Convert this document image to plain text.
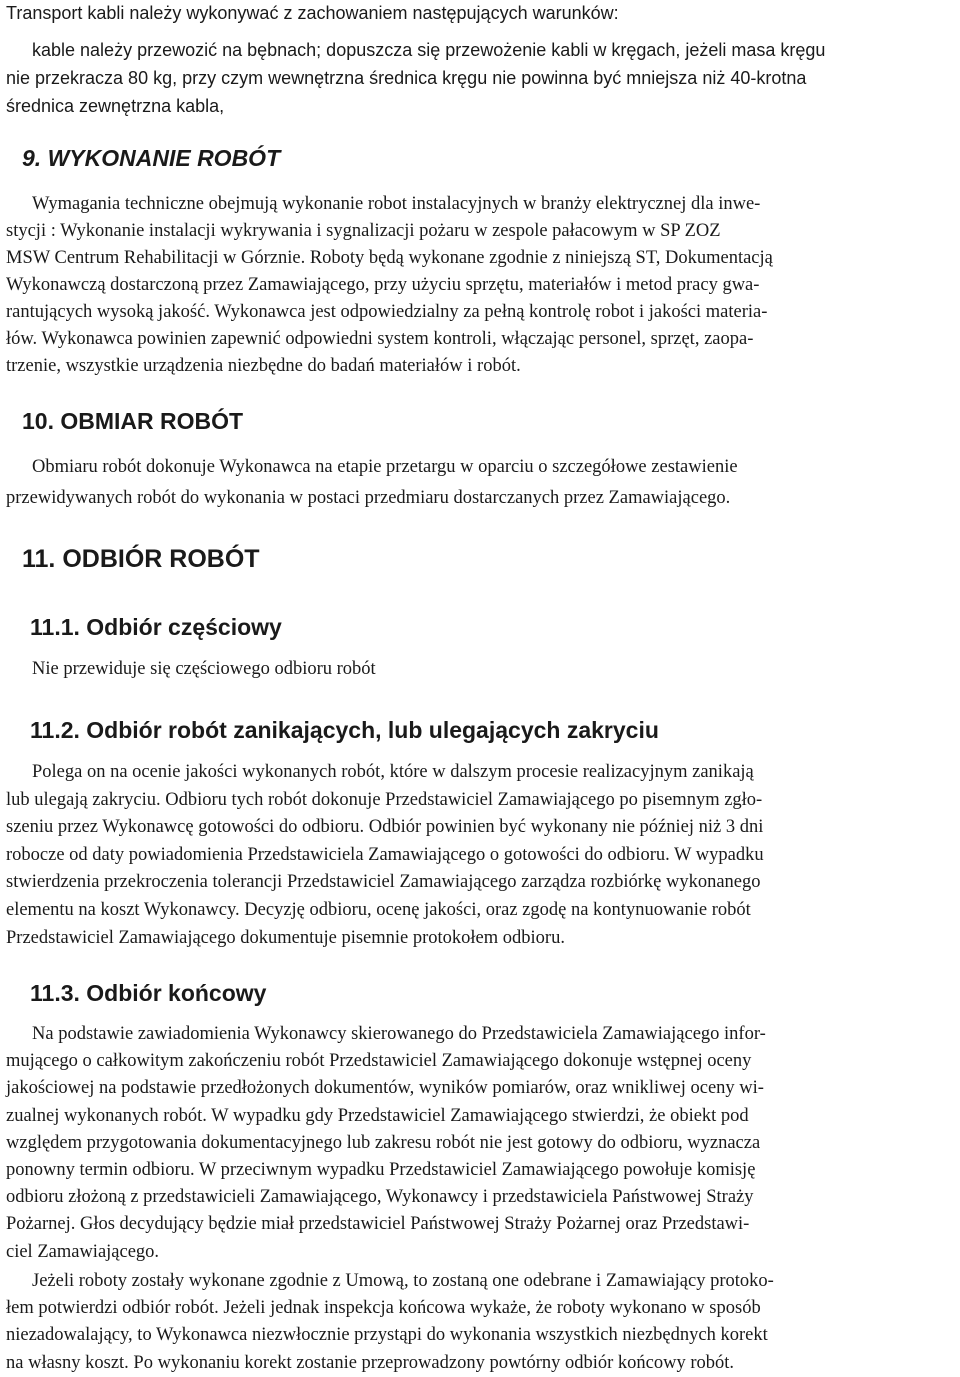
Transport kabli należy wykonywać z zachowaniem następujących warunków:
kable należy przewozić na bębnach; dopuszcza się przewożenie kabli w kręgach, jeżeli masa kręgu
nie przekracza 80 kg, przy czym wewnętrzna średnica kręgu nie powinna być mniejsza niż 40-krotna
średnica zewnętrzna kabla,
9. WYKONANIE ROBÓT
Wymagania techniczne obejmują wykonanie robot instalacyjnych w branży elektrycznej dla inwe-
stycji : Wykonanie instalacji wykrywania i sygnalizacji pożaru w zespole pałacowym w SP ZOZ
MSW Centrum Rehabilitacji w Górznie. Roboty będą wykonane zgodnie z niniejszą ST, Dokumentacją
Wykonawczą dostarczoną przez Zamawiającego, przy użyciu sprzętu, materiałów i metod pracy gwa-
rantujących wysoką jakość. Wykonawca jest odpowiedzialny za pełną kontrolę robot i jakości materia-
łów. Wykonawca powinien zapewnić odpowiedni system kontroli, włączając personel, sprzęt, zaopa-
trzenie, wszystkie urządzenia niezbędne do badań materiałów i robót.
10. OBMIAR ROBÓT
Obmiaru robót dokonuje Wykonawca na etapie przetargu w oparciu o szczegółowe zestawienie
przewidywanych robót do wykonania w postaci przedmiaru dostarczanych przez Zamawiającego.
11. ODBIÓR ROBÓT
11.1. Odbiór częściowy
Nie przewiduje się częściowego odbioru robót
11.2. Odbiór robót zanikających, lub ulegających zakryciu
Polega on na ocenie jakości wykonanych robót, które w dalszym procesie realizacyjnym zanikają
lub ulegają zakryciu. Odbioru tych robót dokonuje Przedstawiciel Zamawiającego po pisemnym zgło-
szeniu przez Wykonawcę gotowości do odbioru. Odbiór powinien być wykonany nie później niż 3 dni
robocze od daty powiadomienia Przedstawiciela Zamawiającego o gotowości do odbioru. W wypadku
stwierdzenia przekroczenia tolerancji Przedstawiciel Zamawiającego zarządza rozbiórkę wykonanego
elementu na koszt Wykonawcy. Decyzję odbioru, ocenę jakości, oraz zgodę na kontynuowanie robót
Przedstawiciel Zamawiającego dokumentuje pisemnie protokołem odbioru.
11.3. Odbiór końcowy
Na podstawie zawiadomienia Wykonawcy skierowanego do Przedstawiciela Zamawiającego infor-
mującego o całkowitym zakończeniu robót Przedstawiciel Zamawiającego dokonuje wstępnej oceny
jakościowej na podstawie przedłożonych dokumentów, wyników pomiarów, oraz wnikliwej oceny wi-
zualnej wykonanych robót. W wypadku gdy Przedstawiciel Zamawiającego stwierdzi, że obiekt pod
względem przygotowania dokumentacyjnego lub zakresu robót nie jest gotowy do odbioru, wyznacza
ponowny termin odbioru. W przeciwnym wypadku Przedstawiciel Zamawiającego powołuje komisję
odbioru złożoną z przedstawicieli Zamawiającego, Wykonawcy i przedstawiciela Państwowej Straży
Pożarnej. Głos decydujący będzie miał przedstawiciel Państwowej Straży Pożarnej oraz Przedstawi-
ciel Zamawiającego.
Jeżeli roboty zostały wykonane zgodnie z Umową, to zostaną one odebrane i Zamawiający protoko-
łem potwierdzi odbiór robót. Jeżeli jednak inspekcja końcowa wykaże, że roboty wykonano w sposób
niezadowalający, to Wykonawca niezwłocznie przystąpi do wykonania wszystkich niezbędnych korekt
na własny koszt. Po wykonaniu korekt zostanie przeprowadzony powtórny odbiór końcowy robót.
